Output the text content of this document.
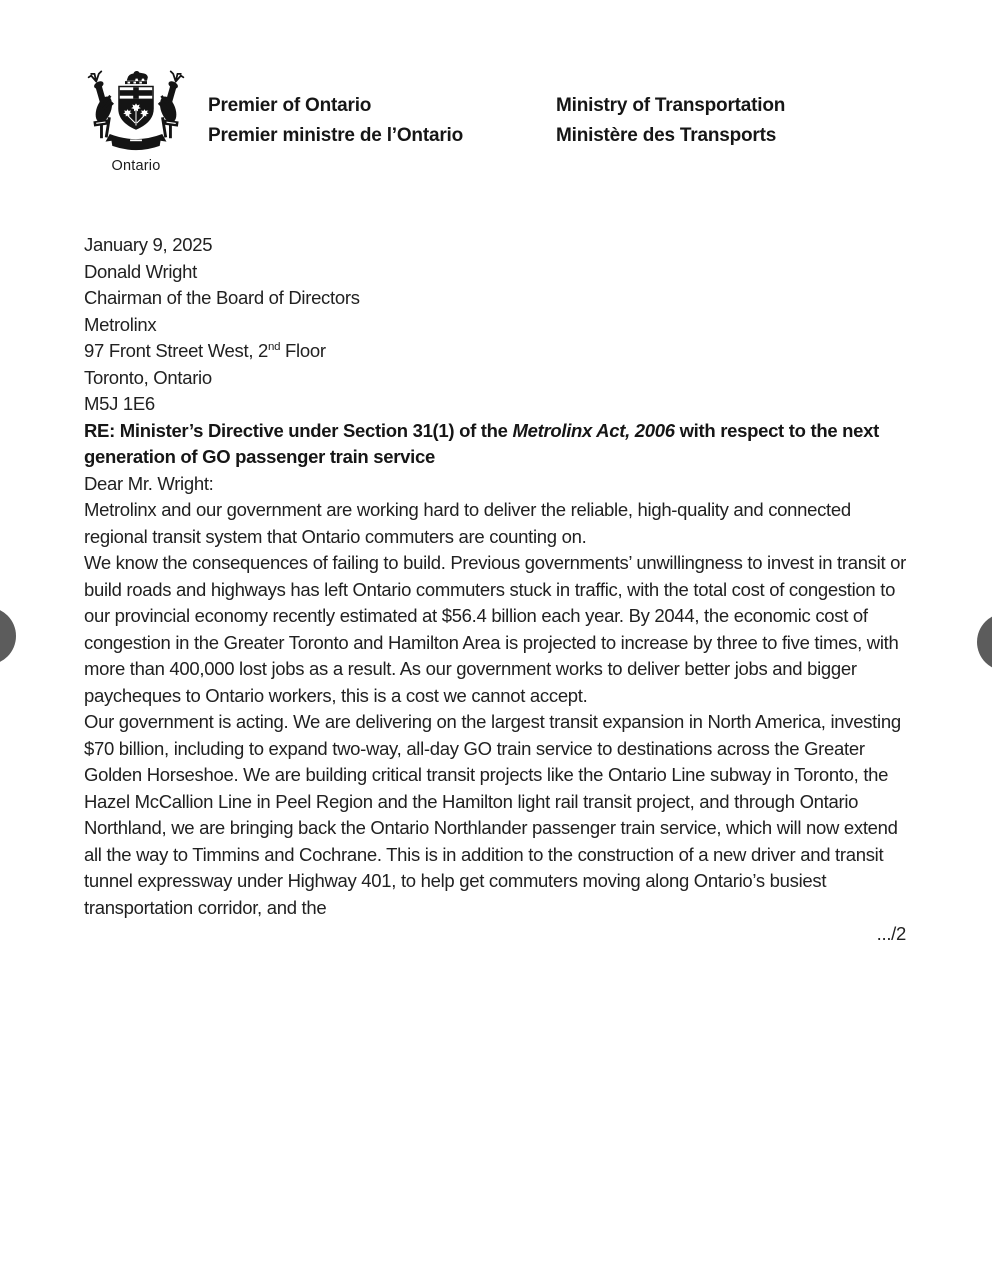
Ontario
Premier of Ontario
Premier ministre de l’Ontario
Ministry of Transportation
Ministère des Transports

January 9, 2025

Donald Wright
Chairman of the Board of Directors
Metrolinx
97 Front Street West, 2nd Floor
Toronto, Ontario
M5J 1E6

RE: Minister’s Directive under Section 31(1) of the Metrolinx Act, 2006 with respect to the next generation of GO passenger train service

Dear Mr. Wright:

Metrolinx and our government are working hard to deliver the reliable, high-quality and connected regional transit system that Ontario commuters are counting on.

We know the consequences of failing to build. Previous governments’ unwillingness to invest in transit or build roads and highways has left Ontario commuters stuck in traffic, with the total cost of congestion to our provincial economy recently estimated at $56.4 billion each year. By 2044, the economic cost of congestion in the Greater Toronto and Hamilton Area is projected to increase by three to five times, with more than 400,000 lost jobs as a result. As our government works to deliver better jobs and bigger paycheques to Ontario workers, this is a cost we cannot accept.

Our government is acting. We are delivering on the largest transit expansion in North America, investing $70 billion, including to expand two-way, all-day GO train service to destinations across the Greater Golden Horseshoe. We are building critical transit projects like the Ontario Line subway in Toronto, the Hazel McCallion Line in Peel Region and the Hamilton light rail transit project, and through Ontario Northland, we are bringing back the Ontario Northlander passenger train service, which will now extend all the way to Timmins and Cochrane. This is in addition to the construction of a new driver and transit tunnel expressway under Highway 401, to help get commuters moving along Ontario’s busiest transportation corridor, and the

.../2
